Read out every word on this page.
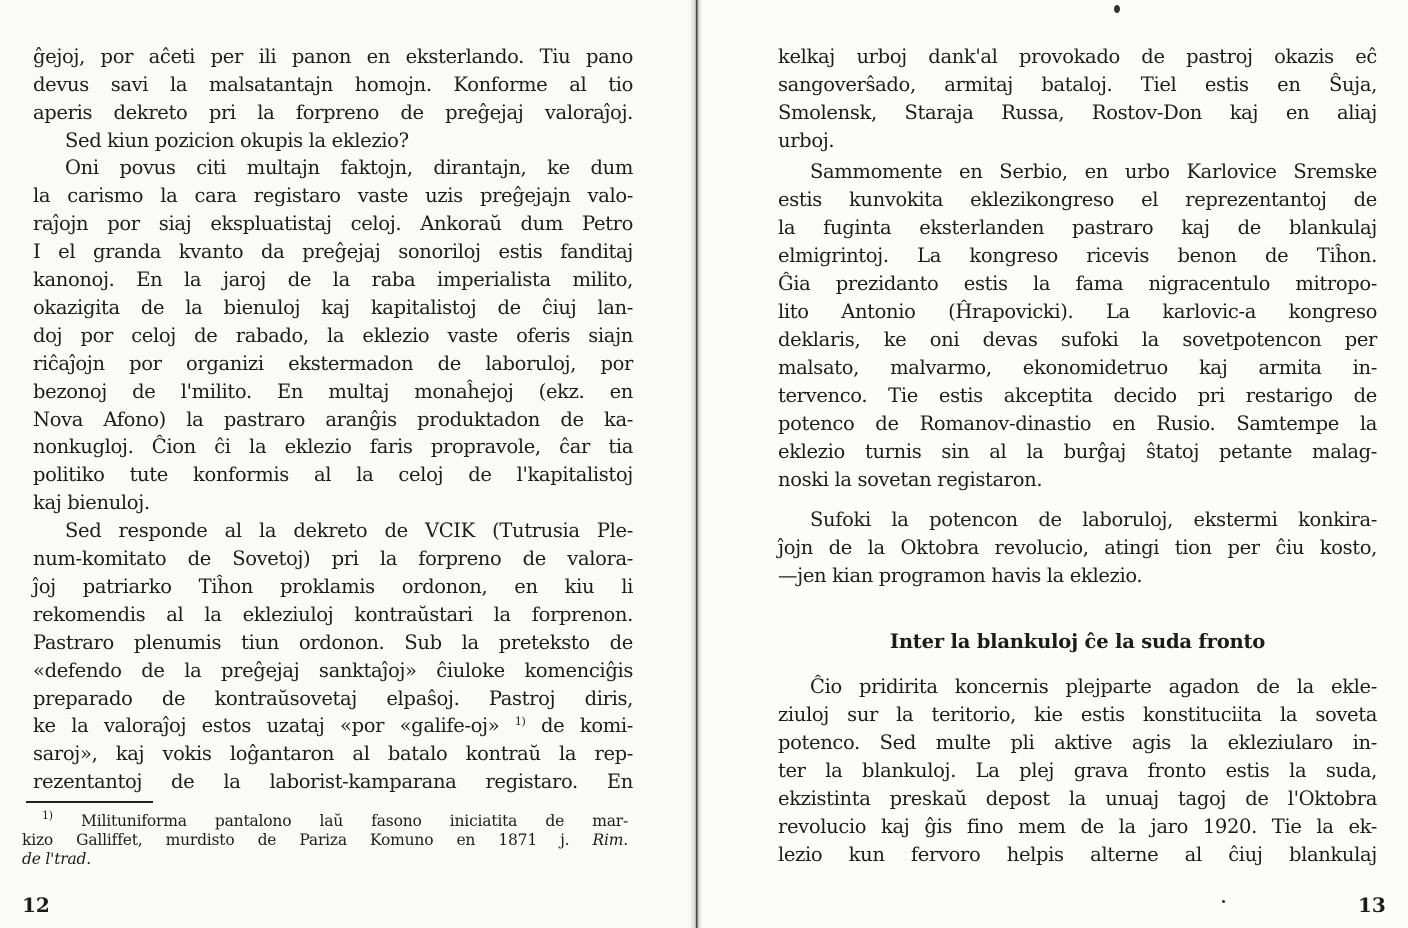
ĝejoj, por aĉeti per ili panon en eksterlando. Tiu pano
devus savi la malsatantajn homojn. Konforme al tio
aperis dekreto pri la forpreno de preĝejaj valoraĵoj.
Sed kiun pozicion okupis la eklezio?
Oni povus citi multajn faktojn, dirantajn, ke dum
la carismo la cara registaro vaste uzis preĝejajn valo-
raĵojn por siaj ekspluatistaj celoj. Ankoraŭ dum Petro
I el granda kvanto da preĝejaj sonoriloj estis fanditaj
kanonoj. En la jaroj de la raba imperialista milito,
okazigita de la bienuloj kaj kapitalistoj de ĉiuj lan-
doj por celoj de rabado, la eklezio vaste oferis siajn
riĉaĵojn por organizi ekstermadon de laboruloj, por
bezonoj de l'milito. En multaj monaĥejoj (ekz. en
Nova Afono) la pastraro aranĝis produktadon de ka-
nonkugloj. Ĉion ĉi la eklezio faris propravole, ĉar tia
politiko tute konformis al la celoj de l'kapitalistoj
kaj bienuloj.
Sed responde al la dekreto de VCIK (Tutrusia Ple-
num-komitato de Sovetoj) pri la forpreno de valora-
ĵoj patriarko Tiĥon proklamis ordonon, en kiu li
rekomendis al la ekleziuloj kontraŭstari la forprenon.
Pastraro plenumis tiun ordonon. Sub la preteksto de
«defendo de la preĝejaj sanktaĵoj» ĉiuloke komenciĝis
preparado de kontraŭsovetaj elpaŝoj. Pastroj diris,
ke la valoraĵoj estos uzataj «por «galife-oj» $^{1)}$ de komi-
saroj», kaj vokis loĝantaron al batalo kontraŭ la rep-
rezentantoj de la laborist-kamparana registaro. En
$^{1)}$ Milituniforma pantalono laŭ fasono iniciatita de mar-
kizo Galliffet, murdisto de Pariza Komuno en 1871 j. Rim.
de l'trad.
12
kelkaj urboj dank'al provokado de pastroj okazis eĉ
sangoverŝado, armitaj bataloj. Tiel estis en Ŝuja,
Smolensk, Staraja Russa, Rostov-Don kaj en aliaj
urboj.
Sammomente en Serbio, en urbo Karlovice Sremske
estis kunvokita eklezikongreso el reprezentantoj de
la fuginta eksterlanden pastraro kaj de blankulaj
elmigrintoj. La kongreso ricevis benon de Tiĥon.
Ĝia prezidanto estis la fama nigracentulo mitropo-
lito Antonio (Ĥrapovicki). La karlovic-a kongreso
deklaris, ke oni devas sufoki la sovetpotencon per
malsato, malvarmo, ekonomidetruo kaj armita in-
tervenco. Tie estis akceptita decido pri restarigo de
potenco de Romanov-dinastio en Rusio. Samtempe la
eklezio turnis sin al la burĝaj ŝtatoj petante malag-
noski la sovetan registaron.
Sufoki la potencon de laboruloj, ekstermi konkira-
ĵojn de la Oktobra revolucio, atingi tion per ĉiu kosto,
—jen kian programon havis la eklezio.
Inter la blankuloj ĉe la suda fronto
Ĉio pridirita koncernis plejparte agadon de la ekle-
ziuloj sur la teritorio, kie estis konstituciita la soveta
potenco. Sed multe pli aktive agis la ekleziularo in-
ter la blankuloj. La plej grava fronto estis la suda,
ekzistinta preskaŭ depost la unuaj tagoj de l'Oktobra
revolucio kaj ĝis fino mem de la jaro 1920. Tie la ek-
lezio kun fervoro helpis alterne al ĉiuj blankulaj
13
